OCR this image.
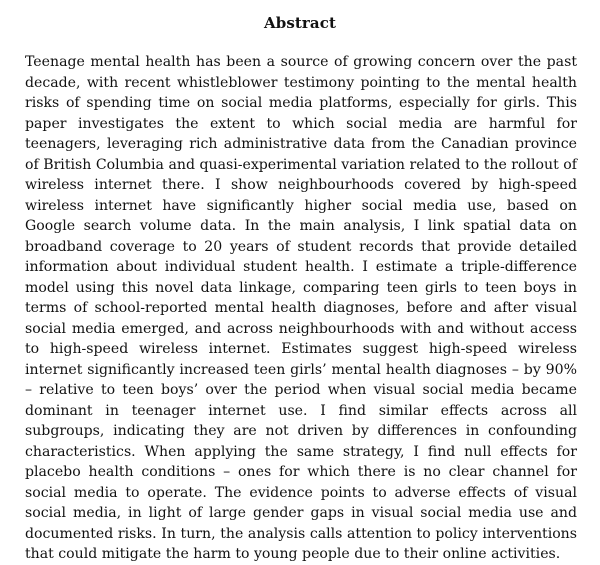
Abstract
Teenage mental health has been a source of growing concern over the past decade, with recent whistleblower testimony pointing to the mental health risks of spending time on social media platforms, especially for girls. This paper investigates the extent to which social media are harmful for teenagers, leveraging rich administrative data from the Canadian province of British Columbia and quasi-experimental variation related to the rollout of wireless internet there. I show neighbourhoods covered by high-speed wireless internet have significantly higher social media use, based on Google search volume data. In the main analysis, I link spatial data on broadband coverage to 20 years of student records that provide detailed information about individual student health. I estimate a triple-difference model using this novel data linkage, comparing teen girls to teen boys in terms of school-reported mental health diagnoses, before and after visual social media emerged, and across neighbourhoods with and without access to high-speed wireless internet. Estimates suggest high-speed wireless internet significantly increased teen girls’ mental health diagnoses – by 90% – relative to teen boys’ over the period when visual social media became dominant in teenager internet use. I find similar effects across all subgroups, indicating they are not driven by differences in confounding characteristics. When applying the same strategy, I find null effects for placebo health conditions – ones for which there is no clear channel for social media to operate. The evidence points to adverse effects of visual social media, in light of large gender gaps in visual social media use and documented risks. In turn, the analysis calls attention to policy interventions that could mitigate the harm to young people due to their online activities.
